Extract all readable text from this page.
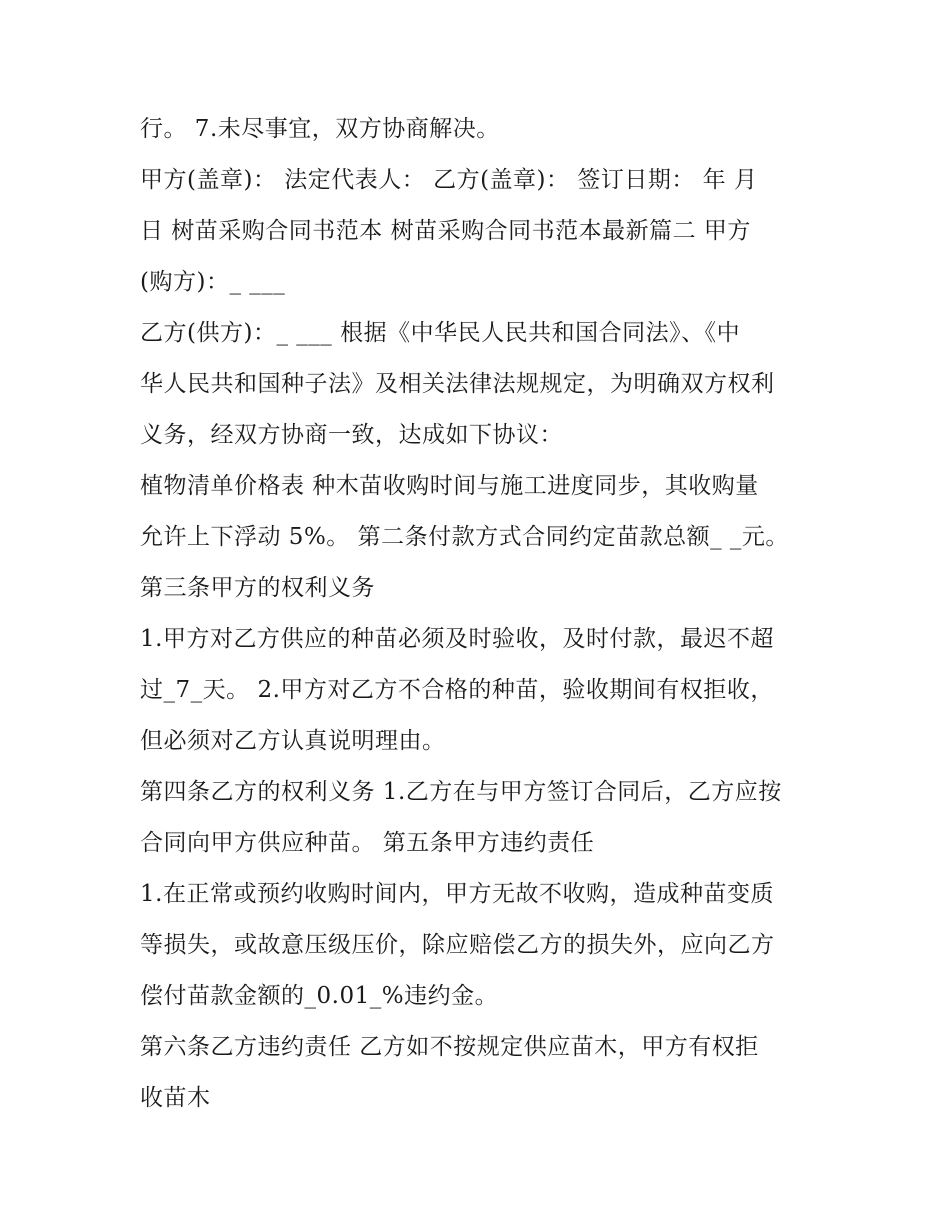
行。 7.未尽事宜，双方协商解决。
甲方(盖章)： 法定代表人： 乙方(盖章)： 签订日期： 年 月
日 树苗采购合同书范本 树苗采购合同书范本最新篇二 甲方
(购方)：_ ___
乙方(供方)：_ ___ 根据《中华民人民共和国合同法》、《中
华人民共和国种子法》及相关法律法规规定，为明确双方权利
义务，经双方协商一致，达成如下协议：
植物清单价格表 种木苗收购时间与施工进度同步，其收购量
允许上下浮动 5%。 第二条付款方式合同约定苗款总额_ _元。
第三条甲方的权利义务
1.甲方对乙方供应的种苗必须及时验收，及时付款，最迟不超
过_7_天。 2.甲方对乙方不合格的种苗，验收期间有权拒收，
但必须对乙方认真说明理由。
第四条乙方的权利义务 1.乙方在与甲方签订合同后，乙方应按
合同向甲方供应种苗。 第五条甲方违约责任
1.在正常或预约收购时间内，甲方无故不收购，造成种苗变质
等损失，或故意压级压价，除应赔偿乙方的损失外，应向乙方
偿付苗款金额的_0.01_%违约金。
第六条乙方违约责任 乙方如不按规定供应苗木，甲方有权拒
收苗木
